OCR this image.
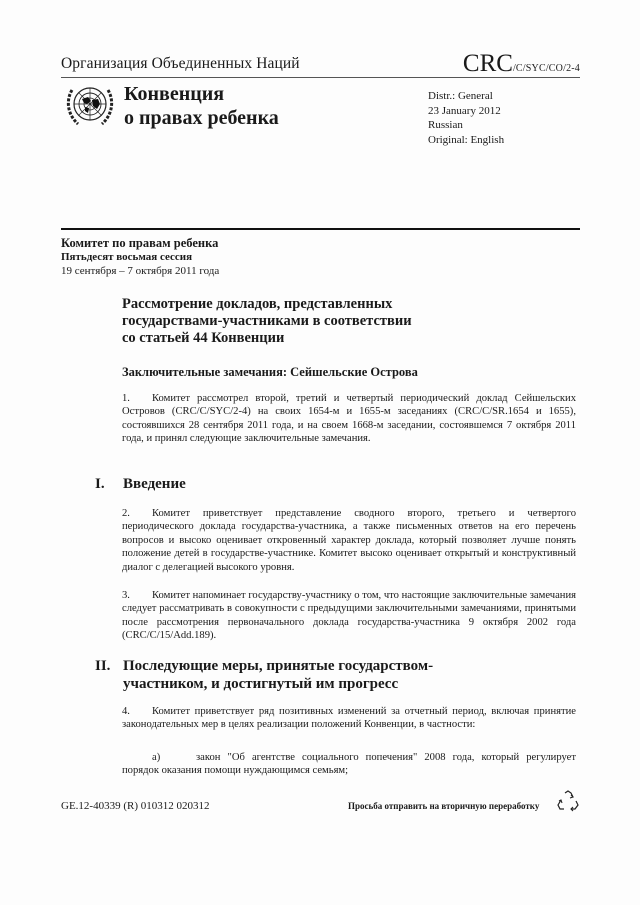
Организация Объединенных Наций	CRC/C/SYC/CO/2-4
Конвенция
о правах ребенка
Distr.: General
23 January 2012
Russian
Original: English
Комитет по правам ребенка
Пятьдесят восьмая сессия
19 сентября – 7 октября 2011 года
Рассмотрение докладов, представленных
государствами-участниками в соответствии
со статьей 44 Конвенции
Заключительные замечания: Сейшельские Острова
1. Комитет рассмотрел второй, третий и четвертый периодический доклад Сейшельских Островов (CRC/C/SYC/2-4) на своих 1654-м и 1655-м заседаниях (CRC/C/SR.1654 и 1655), состоявшихся 28 сентября 2011 года, и на своем 1668-м заседании, состоявшемся 7 октября 2011 года, и принял следующие заключительные замечания.
I. Введение
2. Комитет приветствует представление сводного второго, третьего и четвертого периодического доклада государства-участника, а также письменных ответов на его перечень вопросов и высоко оценивает откровенный характер доклада, который позволяет лучше понять положение детей в государстве-участнике. Комитет высоко оценивает открытый и конструктивный диалог с делегацией высокого уровня.
3. Комитет напоминает государству-участнику о том, что настоящие заключительные замечания следует рассматривать в совокупности с предыдущими заключительными замечаниями, принятыми после рассмотрения первоначального доклада государства-участника 9 октября 2002 года (CRC/C/15/Add.189).
II. Последующие меры, принятые государством-участником, и достигнутый им прогресс
4. Комитет приветствует ряд позитивных изменений за отчетный период, включая принятие законодательных мер в целях реализации положений Конвенции, в частности:
a)	закон "Об агентстве социального попечения" 2008 года, который регулирует порядок оказания помощи нуждающимся семьям;
GE.12-40339 (R) 010312 020312	Просьба отправить на вторичную переработку
